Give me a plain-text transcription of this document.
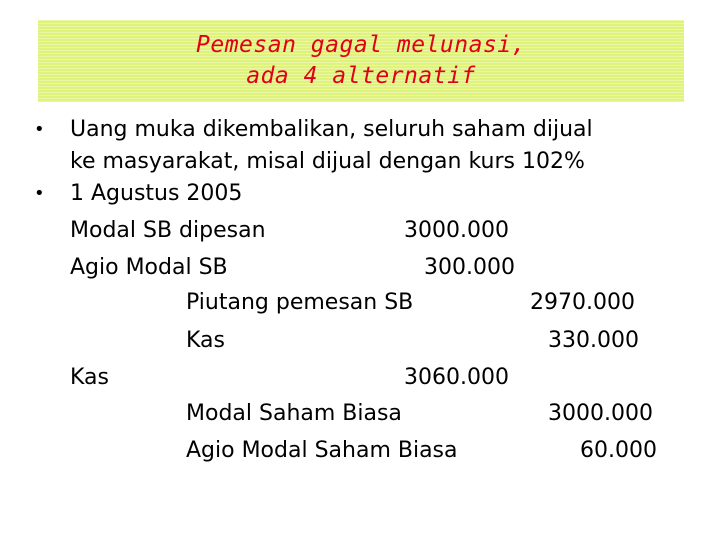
Pemesan gagal melunasi,
ada 4 alternatif
• Uang muka dikembalikan, seluruh saham dijual
ke masyarakat, misal dijual dengan kurs 102%
• 1 Agustus 2005
Modal SB dipesan	3000.000
Agio Modal SB	300.000
Piutang pemesan SB	2970.000
Kas	330.000
Kas	3060.000
Modal Saham Biasa	3000.000
Agio Modal Saham Biasa	60.000
